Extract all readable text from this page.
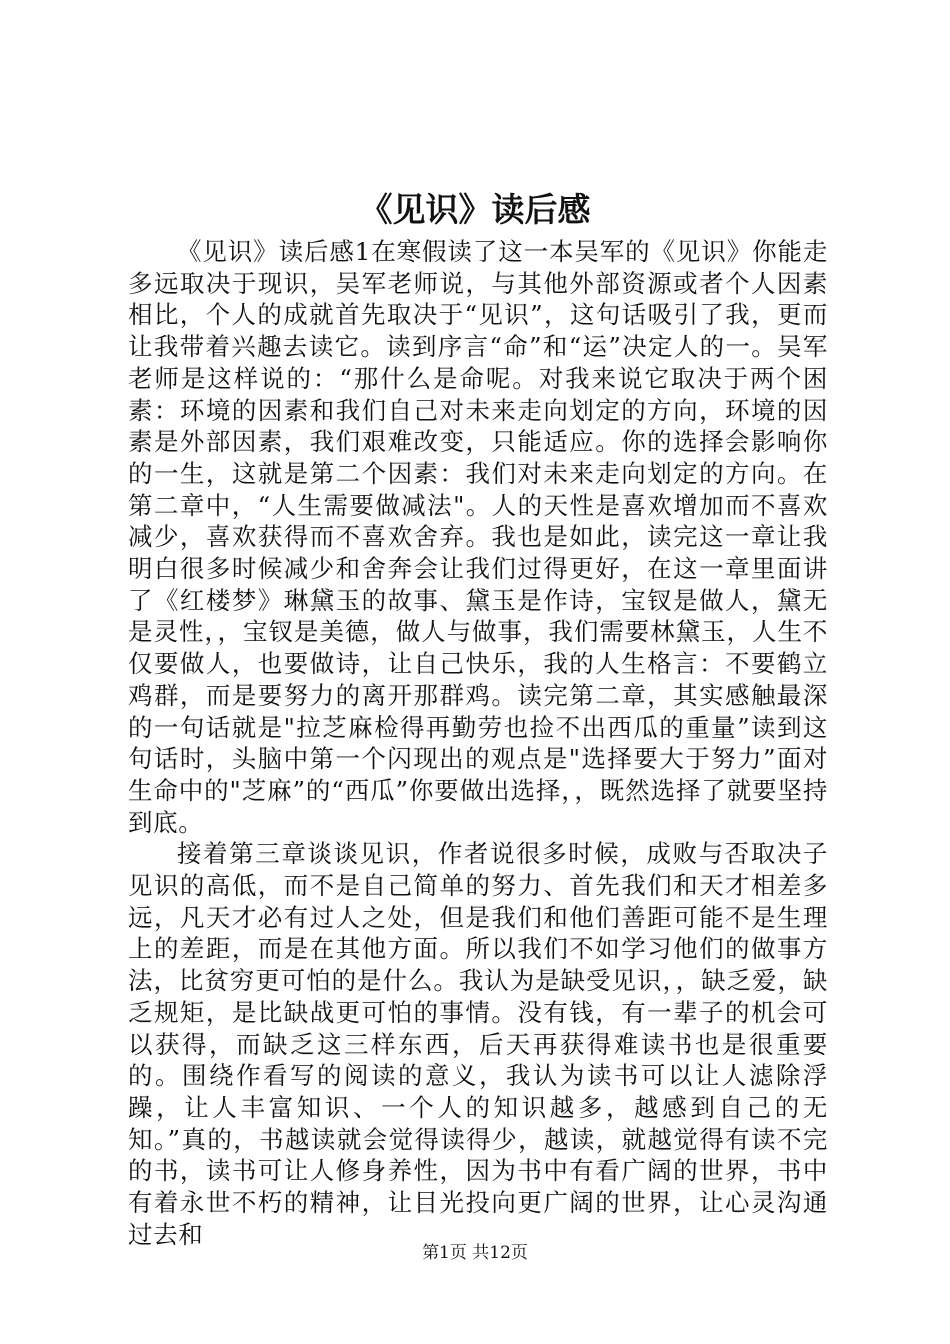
《见识》读后感

《见识》读后感1在寒假读了这一本吴军的《见识》你能走多远取决于现识，吴军老师说，与其他外部资源或者个人因素相比，个人的成就首先取决于“见识”，这句话吸引了我，更而让我带着兴趣去读它。读到序言“命”和“运”决定人的一。吴军老师是这样说的：“那什么是命呢。对我来说它取决于两个困素：环境的因素和我们自己对未来走向划定的方向，环境的因素是外部因素，我们艰难改变，只能适应。你的选择会影响你的一生，这就是第二个因素：我们对未来走向划定的方向。在第二章中，“人生需要做减法"。人的天性是喜欢增加而不喜欢减少，喜欢获得而不喜欢舍弃。我也是如此，读完这一章让我明白很多时候减少和舍奔会让我们过得更好，在这一章里面讲了《红楼梦》琳黛玉的故事、黛玉是作诗，宝钗是做人，黛无是灵性，，宝钗是美德，做人与做事，我们需要林黛玉，人生不仅要做人，也要做诗，让自己快乐，我的人生格言：不要鹤立鸡群，而是要努力的离开那群鸡。读完第二章，其实感触最深的一句话就是"拉芝麻检得再勤劳也捡不出西瓜的重量”读到这句话时，头脑中第一个闪现出的观点是"选择要大于努力”面对生命中的"芝麻”的“西瓜”你要做出选择，，既然选择了就要坚持到底。

接着第三章谈谈见识，作者说很多时候，成败与否取决子见识的高低，而不是自己简单的努力、首先我们和天才相差多远，凡天才必有过人之处，但是我们和他们善距可能不是生理上的差距，而是在其他方面。所以我们不如学习他们的做事方法，比贫穷更可怕的是什么。我认为是缺受见识，，缺乏爱，缺乏规矩，是比缺战更可怕的事情。没有钱，有一辈子的机会可以获得，而缺乏这三样东西，后天再获得难读书也是很重要的。围绕作看写的阅读的意义，我认为读书可以让人滤除浮躁，让人丰富知识、一个人的知识越多，越感到自己的无知。”真的，书越读就会觉得读得少，越读，就越觉得有读不完的书，读书可让人修身养性，因为书中有看广阔的世界，书中有着永世不朽的精神，让目光投向更广阔的世界，让心灵沟通过去和

第1页 共12页
